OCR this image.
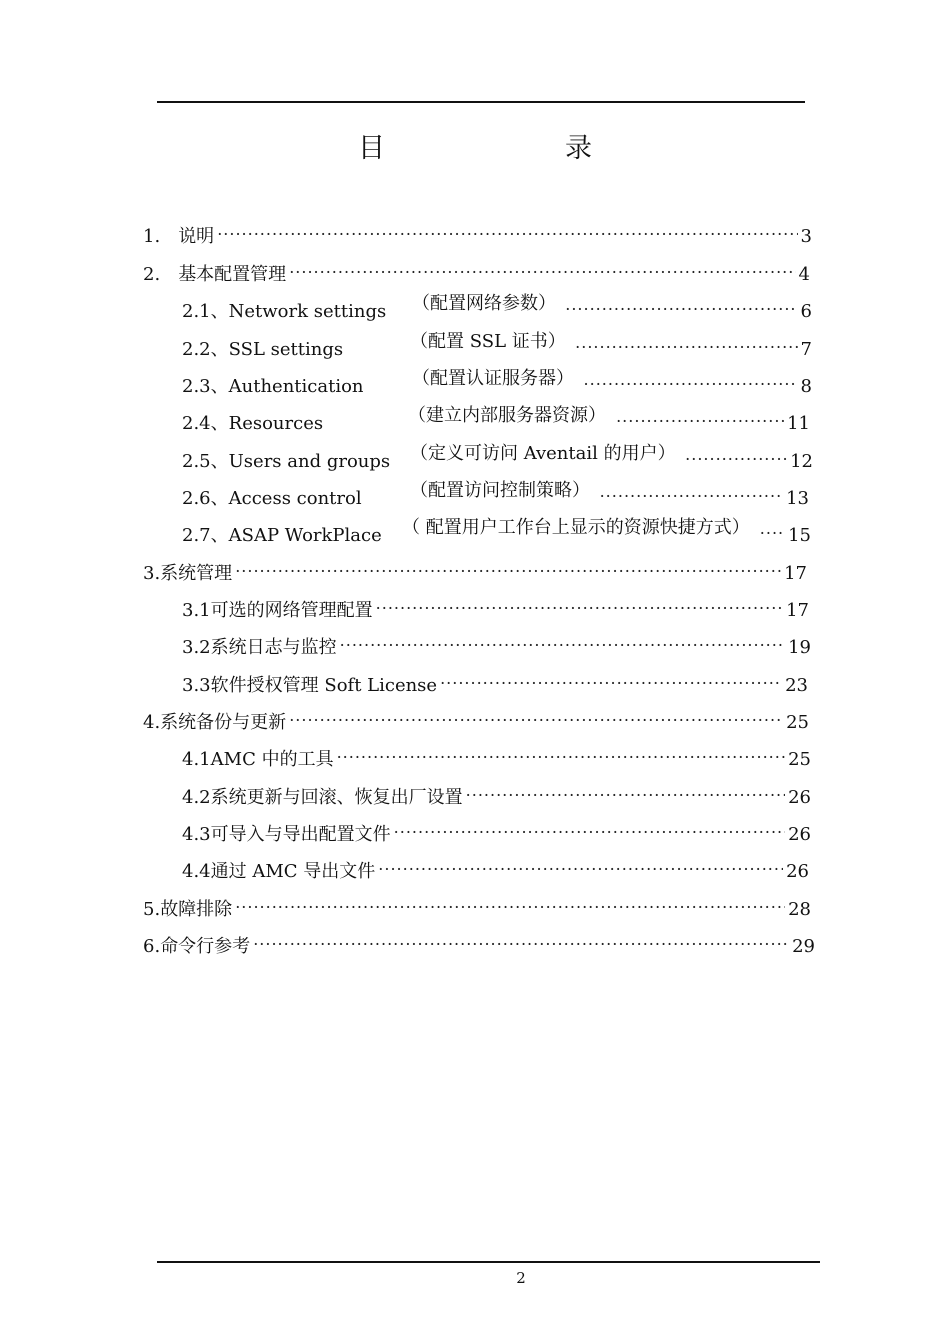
目　　录
1.　 说明 .....	3
2.　 基本配置管理 .....	4
2.1、 Network settings （配置网络参数） .....	6
2.2、 SSL settings	（配置 SSL 证书） .....	7
2.3、 Authentication	（配置认证服务器） .....	8
2.4、 Resources	（建立内部服务器资源） .....	11
2.5、 Users and groups （定义可访问 Aventail 的用户） .....	12
2.6、 Access control	（配置访问控制策略） .....	13
2.7、 ASAP WorkPlace （ 配置用户工作台上显示的资源快捷方式） ..... 15
3. 系统管理 .....	17
3.1 可选的网络管理配置 .....	17
3.2 系统日志与监控 .....	19
3.3 软件授权管理 Soft License .....	23
4. 系统备份与更新 .....	25
4.1 AMC 中的工具 .....	25
4.2 系统更新与回滚、恢复出厂设置 .....	26
4.3 可导入与导出配置文件 .....	26
4.4 通过 AMC 导出文件 .....	26
5. 故障排除 .....	28
6. 命令行参考 .....	29
2
